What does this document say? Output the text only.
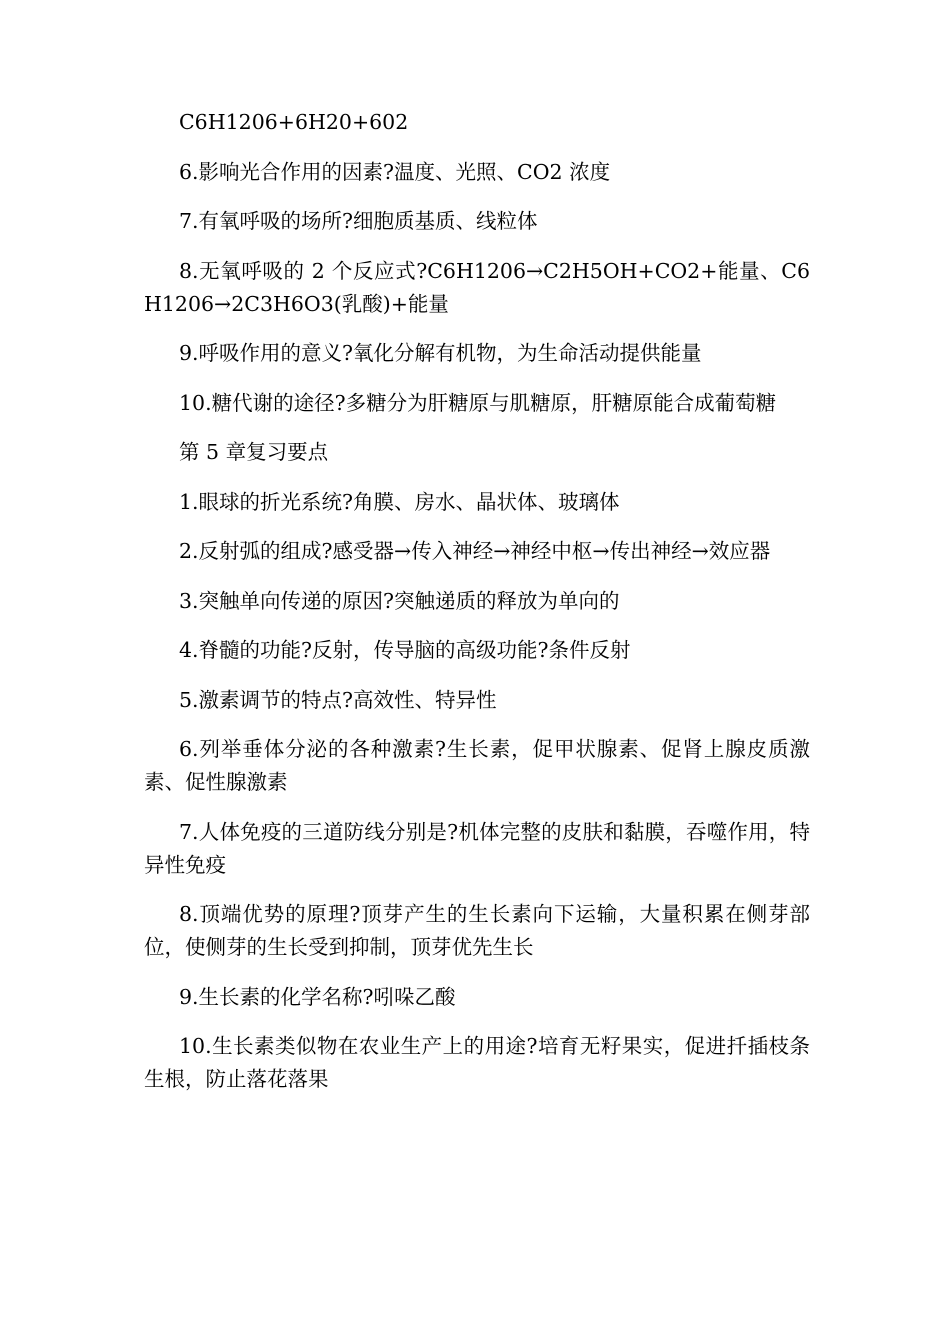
C6H1206+6H20+602

6.影响光合作用的因素?温度、光照、CO2 浓度

7.有氧呼吸的场所?细胞质基质、线粒体

8.无氧呼吸的 2 个反应式?C6H1206→C2H5OH+CO2+能量、C6H1206→2C3H6O3(乳酸)+能量

9.呼吸作用的意义?氧化分解有机物，为生命活动提供能量

10.糖代谢的途径?多糖分为肝糖原与肌糖原，肝糖原能合成葡萄糖

第 5 章复习要点

1.眼球的折光系统?角膜、房水、晶状体、玻璃体

2.反射弧的组成?感受器→传入神经→神经中枢→传出神经→效应器

3.突触单向传递的原因?突触递质的释放为单向的

4.脊髓的功能?反射，传导脑的高级功能?条件反射

5.激素调节的特点?高效性、特异性

6.列举垂体分泌的各种激素?生长素，促甲状腺素、促肾上腺皮质激素、促性腺激素

7.人体免疫的三道防线分别是?机体完整的皮肤和黏膜，吞噬作用，特异性免疫

8.顶端优势的原理?顶芽产生的生长素向下运输，大量积累在侧芽部位，使侧芽的生长受到抑制，顶芽优先生长

9.生长素的化学名称?吲哚乙酸

10.生长素类似物在农业生产上的用途?培育无籽果实，促进扦插枝条生根，防止落花落果
